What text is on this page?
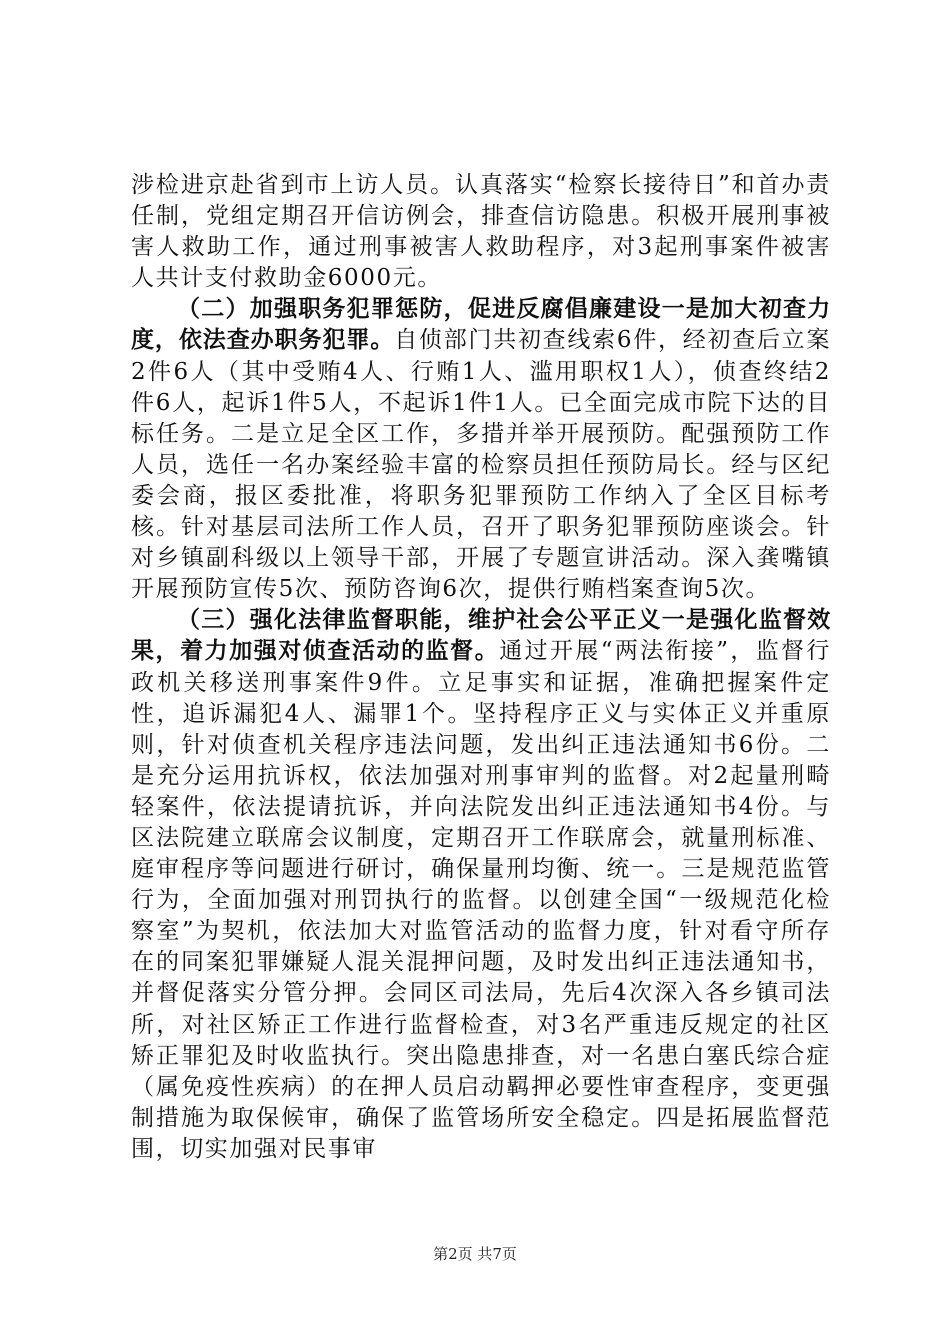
涉检进京赴省到市上访人员。认真落实“检察长接待日”和首办责任制，党组定期召开信访例会，排查信访隐患。积极开展刑事被害人救助工作，通过刑事被害人救助程序，对3起刑事案件被害人共计支付救助金6000元。

（二）加强职务犯罪惩防，促进反腐倡廉建设一是加大初查力度，依法查办职务犯罪。自侦部门共初查线索6件，经初查后立案2件6人（其中受贿4人、行贿1人、滥用职权1人），侦查终结2件6人，起诉1件5人，不起诉1件1人。已全面完成市院下达的目标任务。二是立足全区工作，多措并举开展预防。配强预防工作人员，选任一名办案经验丰富的检察员担任预防局长。经与区纪委会商，报区委批准，将职务犯罪预防工作纳入了全区目标考核。针对基层司法所工作人员，召开了职务犯罪预防座谈会。针对乡镇副科级以上领导干部，开展了专题宣讲活动。深入龚嘴镇开展预防宣传5次、预防咨询6次，提供行贿档案查询5次。

（三）强化法律监督职能，维护社会公平正义一是强化监督效果，着力加强对侦查活动的监督。通过开展“两法衔接”，监督行政机关移送刑事案件9件。立足事实和证据，准确把握案件定性，追诉漏犯4人、漏罪1个。坚持程序正义与实体正义并重原则，针对侦查机关程序违法问题，发出纠正违法通知书6份。二是充分运用抗诉权，依法加强对刑事审判的监督。对2起量刑畸轻案件，依法提请抗诉，并向法院发出纠正违法通知书4份。与区法院建立联席会议制度，定期召开工作联席会，就量刑标准、庭审程序等问题进行研讨，确保量刑均衡、统一。三是规范监管行为，全面加强对刑罚执行的监督。以创建全国“一级规范化检察室”为契机，依法加大对监管活动的监督力度，针对看守所存在的同案犯罪嫌疑人混关混押问题，及时发出纠正违法通知书，并督促落实分管分押。会同区司法局，先后4次深入各乡镇司法所，对社区矫正工作进行监督检查，对3名严重违反规定的社区矫正罪犯及时收监执行。突出隐患排查，对一名患白塞氏综合症（属免疫性疾病）的在押人员启动羁押必要性审查程序，变更强制措施为取保候审，确保了监管场所安全稳定。四是拓展监督范围，切实加强对民事审

第2页 共7页
